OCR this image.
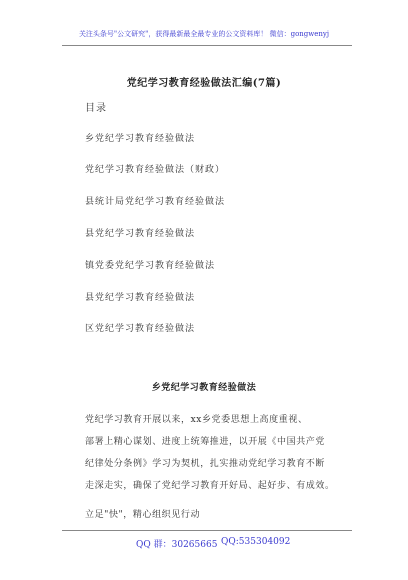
关注头条号"公文研究"，获得最新最全最专业的公文资料库！ 微信：gongwenyj
党纪学习教育经验做法汇编(7篇)
目录
乡党纪学习教育经验做法
党纪学习教育经验做法（财政）
县统计局党纪学习教育经验做法
县党纪学习教育经验做法
镇党委党纪学习教育经验做法
县党纪学习教育经验做法
区党纪学习教育经验做法
乡党纪学习教育经验做法
党纪学习教育开展以来，xx乡党委思想上高度重视、
部署上精心谋划、进度上统筹推进，以开展《中国共产党
纪律处分条例》学习为契机，扎实推动党纪学习教育不断
走深走实，确保了党纪学习教育开好局、起好步、有成效。
立足"快"，精心组织见行动
QQ 群：30265665 QQ:535304092
